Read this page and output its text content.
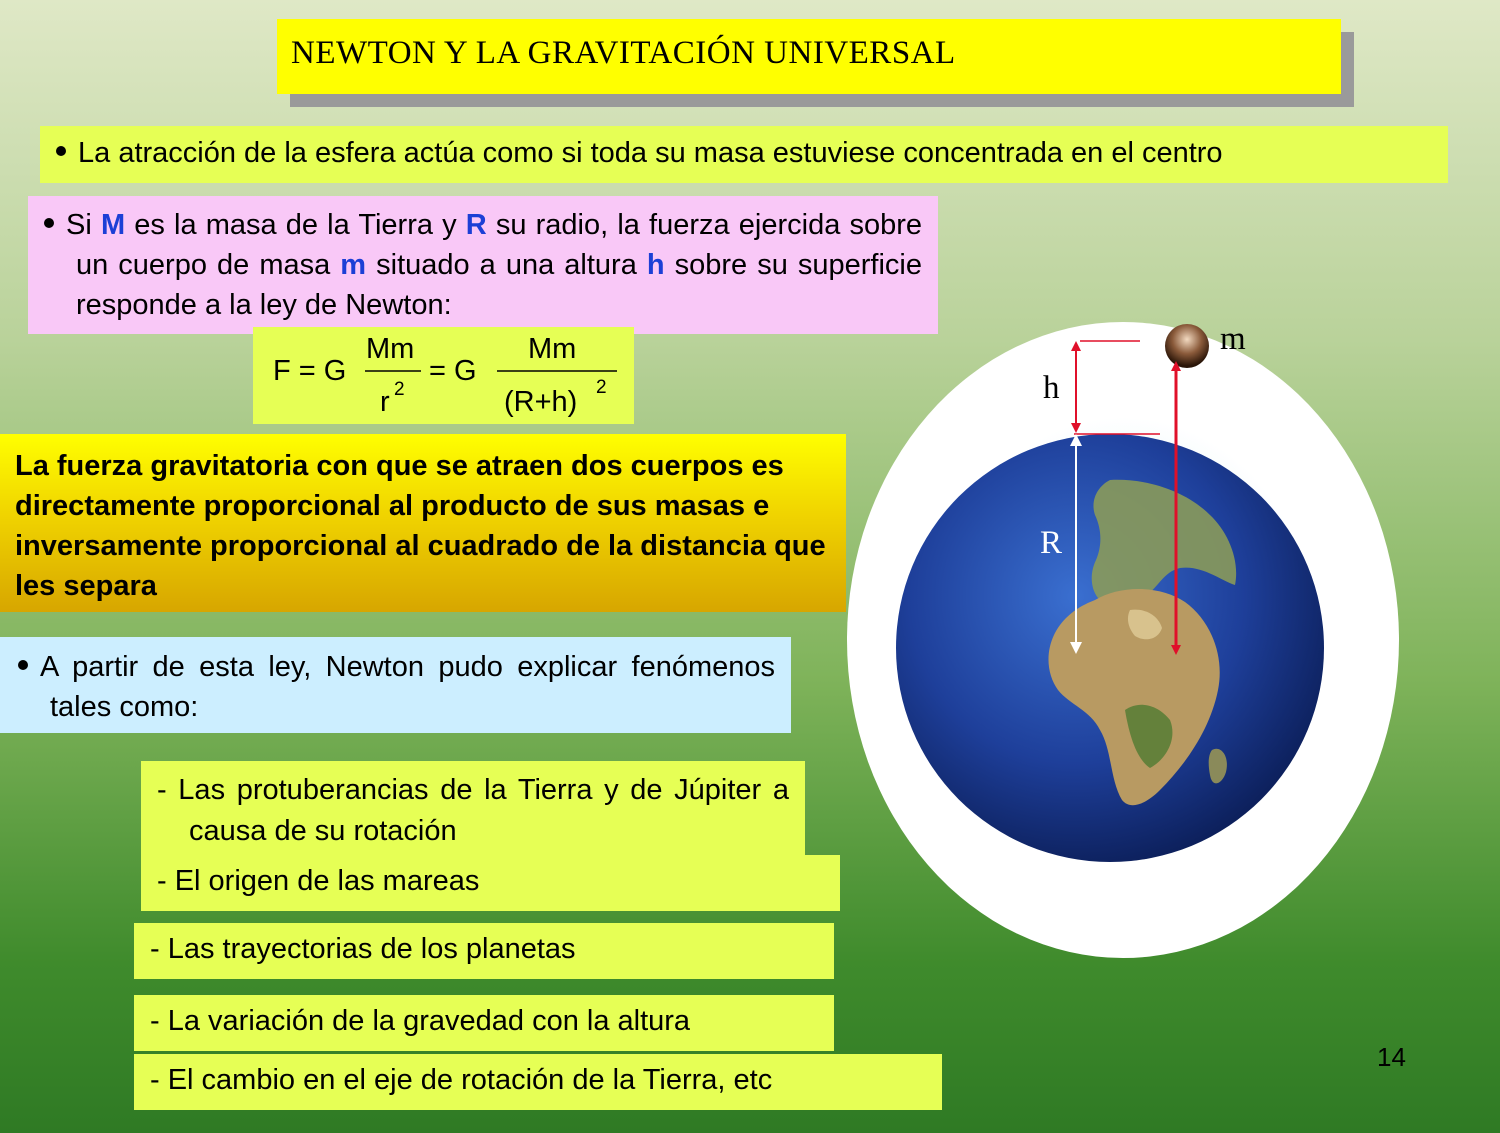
NEWTON Y LA GRAVITACIÓN UNIVERSAL
La atracción de la esfera actúa como si toda su masa estuviese concentrada en el centro
Si M es la masa de la Tierra y R su radio, la fuerza ejercida sobre un cuerpo de masa m situado a una altura h sobre su superficie responde a la ley de Newton:
F = G
Mm
r 2
= G
Mm
(R+h) 2
La fuerza gravitatoria con que se atraen dos cuerpos es directamente proporcional al producto de sus masas e inversamente proporcional al cuadrado de la distancia que les separa
A partir de esta ley, Newton pudo explicar fenómenos tales como:
- Las protuberancias de la Tierra y de Júpiter a causa de su rotación
- El origen de las mareas
- Las trayectorias de los planetas
- La variación de la gravedad con la altura
- El cambio en el eje de rotación de la Tierra, etc
m
h
R
14
